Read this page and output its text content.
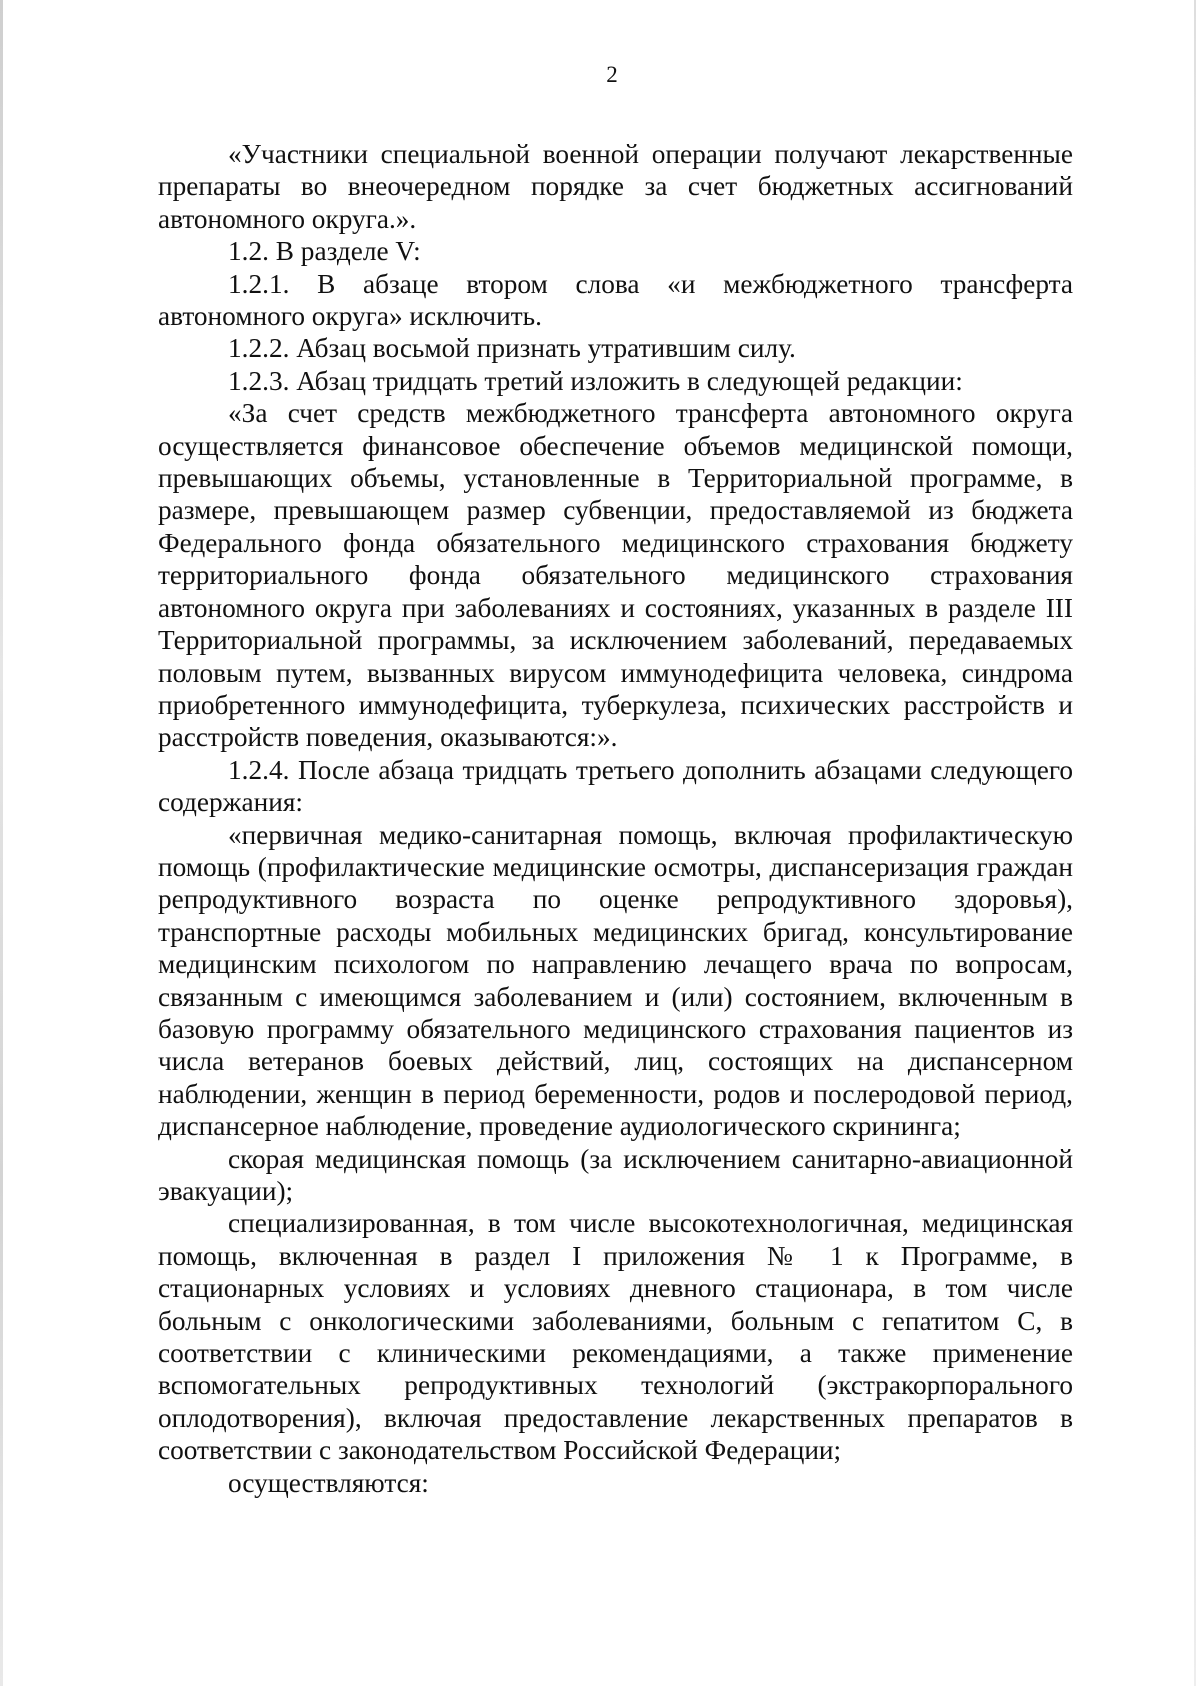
2

«Участники специальной военной операции получают лекарственные препараты во внеочередном порядке за счет бюджетных ассигнований автономного округа.».

1.2. В разделе V:

1.2.1. В абзаце втором слова «и межбюджетного трансферта автономного округа» исключить.

1.2.2. Абзац восьмой признать утратившим силу.

1.2.3. Абзац тридцать третий изложить в следующей редакции:

«За счет средств межбюджетного трансферта автономного округа осуществляется финансовое обеспечение объемов медицинской помощи, превышающих объемы, установленные в Территориальной программе, в размере, превышающем размер субвенции, предоставляемой из бюджета Федерального фонда обязательного медицинского страхования бюджету территориального фонда обязательного медицинского страхования автономного округа при заболеваниях и состояниях, указанных в разделе III Территориальной программы, за исключением заболеваний, передаваемых половым путем, вызванных вирусом иммунодефицита человека, синдрома приобретенного иммунодефицита, туберкулеза, психических расстройств и расстройств поведения, оказываются:».

1.2.4. После абзаца тридцать третьего дополнить абзацами следующего содержания:

«первичная медико-санитарная помощь, включая профилактическую помощь (профилактические медицинские осмотры, диспансеризация граждан репродуктивного возраста по оценке репродуктивного здоровья), транспортные расходы мобильных медицинских бригад, консультирование медицинским психологом по направлению лечащего врача по вопросам, связанным с имеющимся заболеванием и (или) состоянием, включенным в базовую программу обязательного медицинского страхования пациентов из числа ветеранов боевых действий, лиц, состоящих на диспансерном наблюдении, женщин в период беременности, родов и послеродовой период, диспансерное наблюдение, проведение аудиологического скрининга;

скорая медицинская помощь (за исключением санитарно-авиационной эвакуации);

специализированная, в том числе высокотехнологичная, медицинская помощь, включенная в раздел I приложения № 1 к Программе, в стационарных условиях и условиях дневного стационара, в том числе больным с онкологическими заболеваниями, больным с гепатитом С, в соответствии с клиническими рекомендациями, а также применение вспомогательных репродуктивных технологий (экстракорпорального оплодотворения), включая предоставление лекарственных препаратов в соответствии с законодательством Российской Федерации;

осуществляются:
